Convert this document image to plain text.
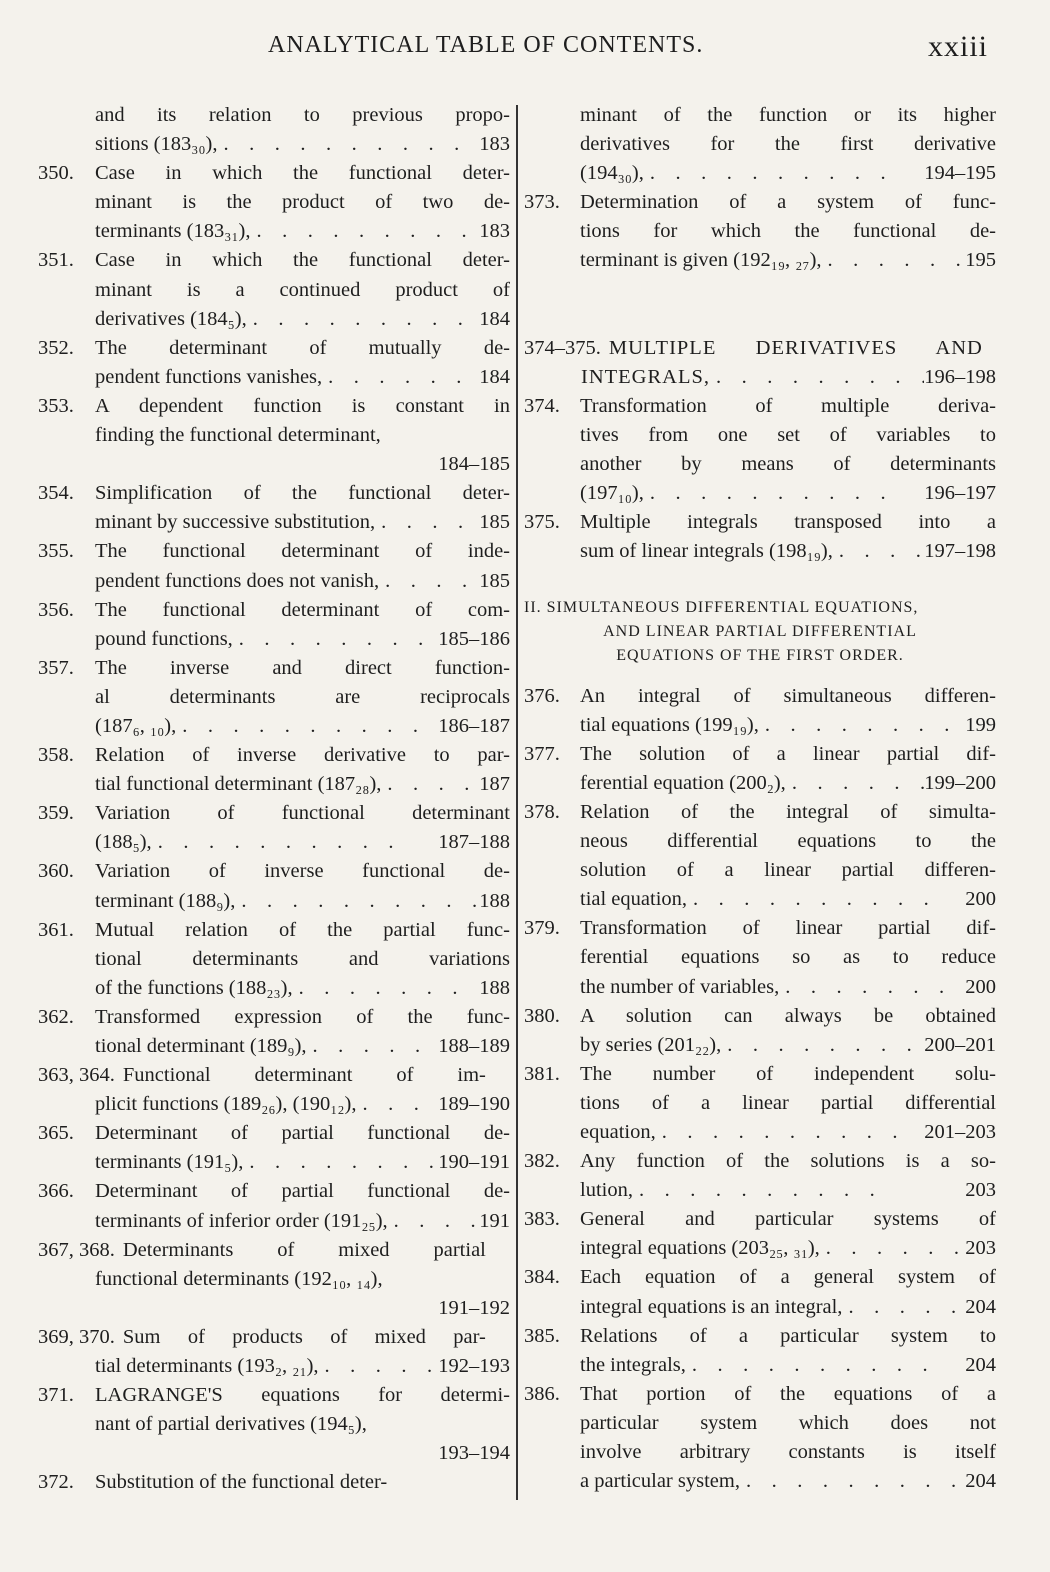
ANALYTICAL TABLE OF CONTENTS.	xxiii
and its relation to previous propo-
sitions (183₃₀), .	183
350. Case in which the functional deter-
minant is the product of two de-
terminants (183₃₁), .	183
351. Case in which the functional deter-
minant is a continued product of
derivatives (184₅), .	184
352. The determinant of mutually de-
pendent functions vanishes, .	184
353. A dependent function is constant in
finding the functional determinant,
184–185
354. Simplification of the functional deter-
minant by successive substitution, .	185
355. The functional determinant of inde-
pendent functions does not vanish, .	185
356. The functional determinant of com-
pound functions, .	185–186
357. The inverse and direct function-
al determinants are reciprocals
(187₆, ₁₀), .	186–187
358. Relation of inverse derivative to par-
tial functional determinant (187₂₈), .	187
359. Variation of functional determinant
(188₅), .	187–188
360. Variation of inverse functional de-
terminant (188₉), .	188
361. Mutual relation of the partial func-
tional determinants and variations
of the functions (188₂₃), .	188
362. Transformed expression of the func-
tional determinant (189₉), .	188–189
363, 364. Functional determinant of im-
plicit functions (189₂₆), (190₁₂), .	189–190
365. Determinant of partial functional de-
terminants (191₅), .	190–191
366. Determinant of partial functional de-
terminants of inferior order (191₂₅), .	191
367, 368. Determinants of mixed partial
functional determinants (192₁₀, ₁₄),
191–192
369, 370. Sum of products of mixed par-
tial determinants (193₂, ₂₁), .	192–193
371. LAGRANGE'S equations for determi-
nant of partial derivatives (194₅),
193–194
372. Substitution of the functional deter-
minant of the function or its higher
derivatives for the first derivative
(194₃₀), .	194–195
373. Determination of a system of func-
tions for which the functional de-
terminant is given (192₁₉, ₂₇), .	195
374–375. MULTIPLE DERIVATIVES AND
INTEGRALS, .	196–198
374. Transformation of multiple deriva-
tives from one set of variables to
another by means of determinants
(197₁₀), .	196–197
375. Multiple integrals transposed into a
sum of linear integrals (198₁₉), .	197–198
II. SIMULTANEOUS DIFFERENTIAL EQUATIONS,
AND LINEAR PARTIAL DIFFERENTIAL
EQUATIONS OF THE FIRST ORDER.
376. An integral of simultaneous differen-
tial equations (199₁₉), .	199
377. The solution of a linear partial dif-
ferential equation (200₂), .	199–200
378. Relation of the integral of simulta-
neous differential equations to the
solution of a linear partial differen-
tial equation, .	200
379. Transformation of linear partial dif-
ferential equations so as to reduce
the number of variables, .	200
380. A solution can always be obtained
by series (201₂₂), .	200–201
381. The number of independent solu-
tions of a linear partial differential
equation, .	201–203
382. Any function of the solutions is a so-
lution, .	203
383. General and particular systems of
integral equations (203₂₅, ₃₁), .	203
384. Each equation of a general system of
integral equations is an integral, .	204
385. Relations of a particular system to
the integrals, .	204
386. That portion of the equations of a
particular system which does not
involve arbitrary constants is itself
a particular system, .	204
